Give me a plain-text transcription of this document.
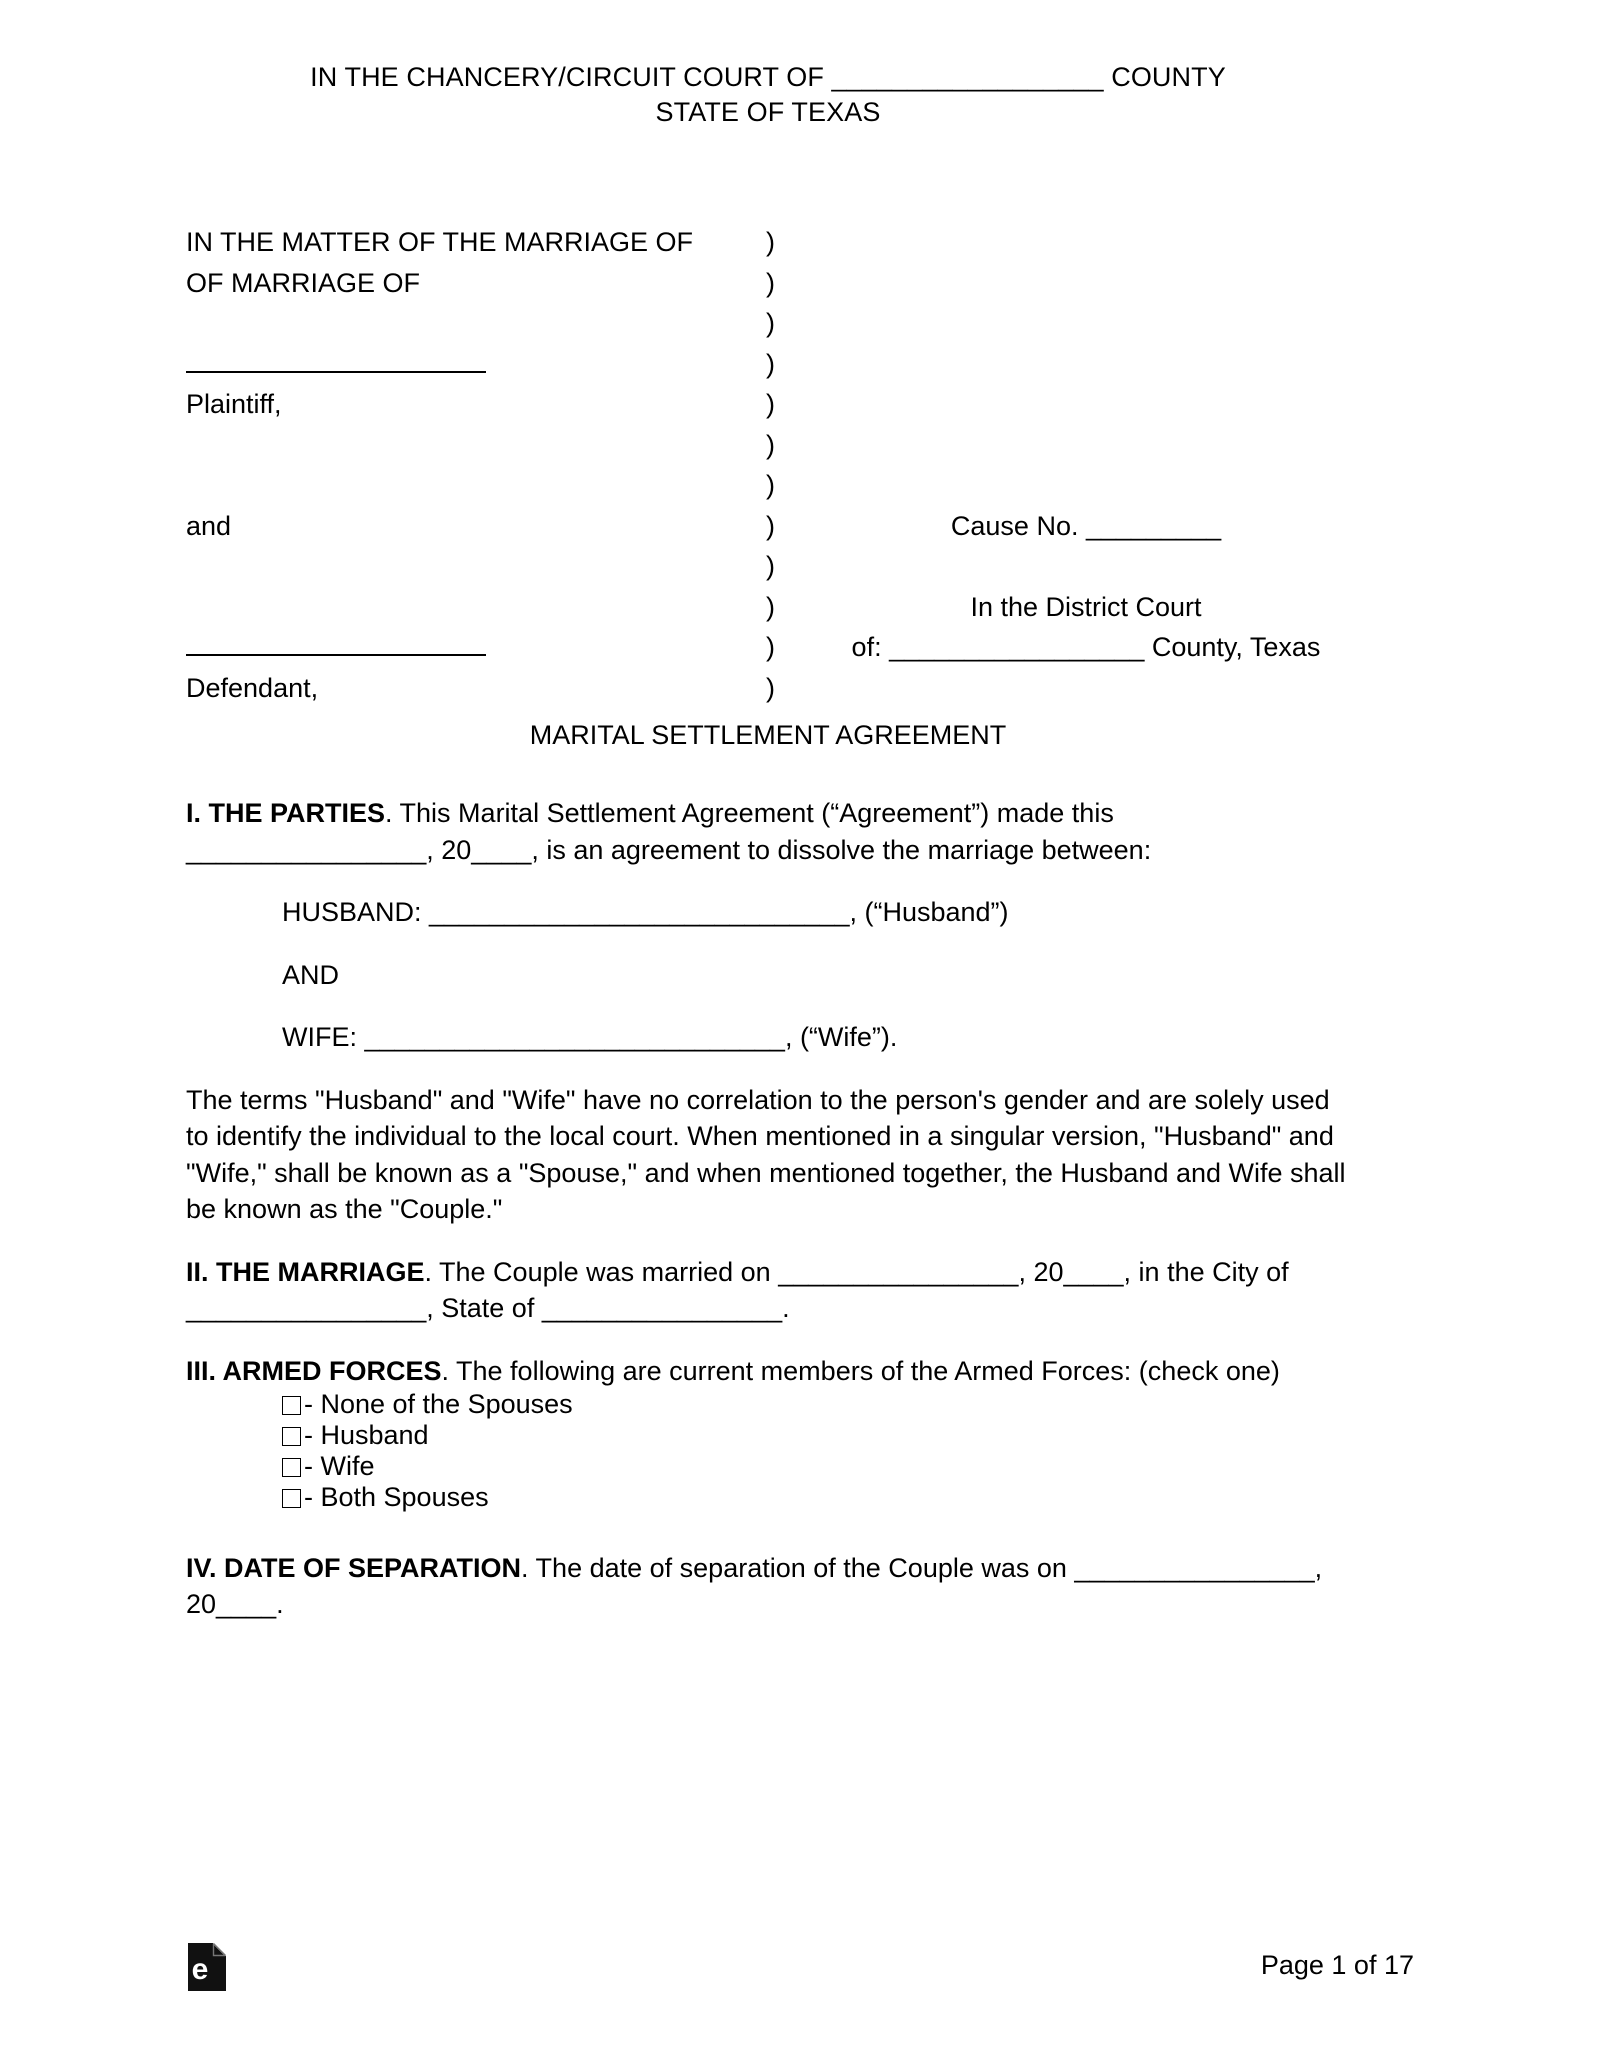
IN THE CHANCERY/CIRCUIT COURT OF __________________ COUNTY
STATE OF TEXAS
IN THE MATTER OF THE MARRIAGE OF
OF MARRIAGE OF

Plaintiff,

and

Defendant,
)
)
)
)
)
)
)
)
)
)
)
)

Cause No. _________

In the District Court
of: _________________ County, Texas

MARITAL SETTLEMENT AGREEMENT

I. THE PARTIES. This Marital Settlement Agreement (“Agreement”) made this ________________, 20____, is an agreement to dissolve the marriage between:

HUSBAND: ____________________________, (“Husband”)

AND

WIFE: ____________________________, (“Wife”).

The terms "Husband" and "Wife" have no correlation to the person's gender and are solely used to identify the individual to the local court. When mentioned in a singular version, "Husband" and "Wife," shall be known as a "Spouse," and when mentioned together, the Husband and Wife shall be known as the "Couple."

II. THE MARRIAGE. The Couple was married on ________________, 20____, in the City of ________________, State of ________________.

III. ARMED FORCES. The following are current members of the Armed Forces: (check one)

- None of the Spouses
- Husband
- Wife
- Both Spouses

IV. DATE OF SEPARATION. The date of separation of the Couple was on ________________, 20____.

e	Page 1 of 17
